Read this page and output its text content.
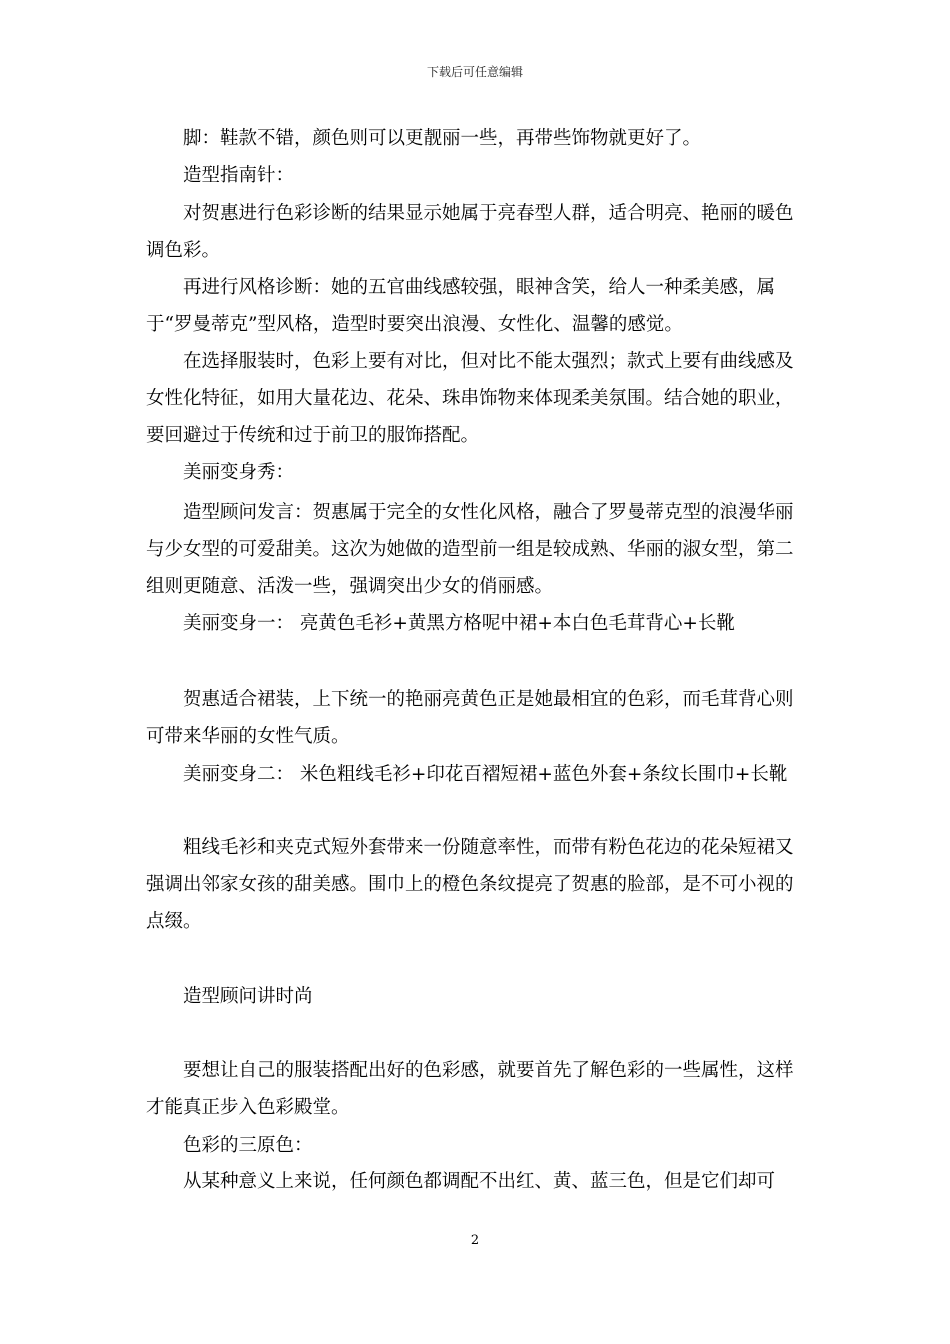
下载后可任意编辑

脚：鞋款不错，颜色则可以更靓丽一些，再带些饰物就更好了。

造型指南针：

对贺惠进行色彩诊断的结果显示她属于亮春型人群，适合明亮、艳丽的暖色调色彩。

再进行风格诊断：她的五官曲线感较强，眼神含笑，给人一种柔美感，属于“罗曼蒂克”型风格，造型时要突出浪漫、女性化、温馨的感觉。

在选择服装时，色彩上要有对比，但对比不能太强烈；款式上要有曲线感及女性化特征，如用大量花边、花朵、珠串饰物来体现柔美氛围。结合她的职业，要回避过于传统和过于前卫的服饰搭配。

美丽变身秀：

造型顾问发言：贺惠属于完全的女性化风格，融合了罗曼蒂克型的浪漫华丽与少女型的可爱甜美。这次为她做的造型前一组是较成熟、华丽的淑女型，第二组则更随意、活泼一些，强调突出少女的俏丽感。

美丽变身一： 亮黄色毛衫+黄黑方格呢中裙+本白色毛茸背心+长靴

贺惠适合裙装，上下统一的艳丽亮黄色正是她最相宜的色彩，而毛茸背心则可带来华丽的女性气质。

美丽变身二： 米色粗线毛衫+印花百褶短裙+蓝色外套+条纹长围巾+长靴

粗线毛衫和夹克式短外套带来一份随意率性，而带有粉色花边的花朵短裙又强调出邻家女孩的甜美感。围巾上的橙色条纹提亮了贺惠的脸部，是不可小视的点缀。

造型顾问讲时尚

要想让自己的服装搭配出好的色彩感，就要首先了解色彩的一些属性，这样才能真正步入色彩殿堂。

色彩的三原色：

从某种意义上来说，任何颜色都调配不出红、黄、蓝三色，但是它们却可

2
